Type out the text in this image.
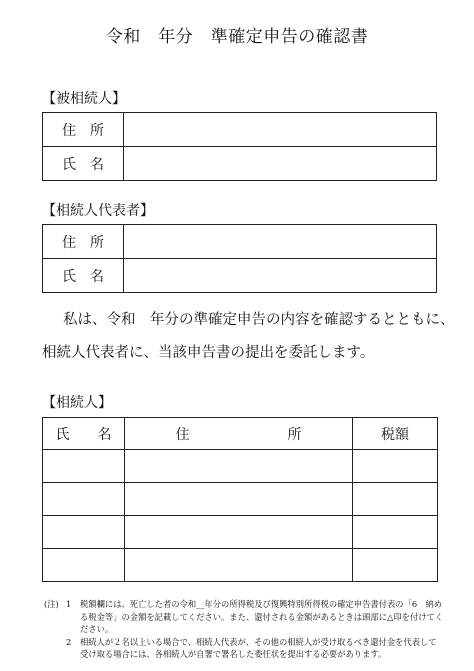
令和　年分　準確定申告の確認書
【被相続人】
住　所	
氏　名	
【相続人代表者】
住　所	
氏　名	
私は、令和　年分の準確定申告の内容を確認するとともに、
相続人代表者に、当該申告書の提出を委託します。
【相続人】
氏　　名	住　　　　　　　所	税額

(注) 1	税額欄には、死亡した者の令和__年分の所得税及び復興特別所得税の確定申告書付表の「6　納める税金等」の金額を記載してください。また、還付される金額があるときは頭部に△印を付けてください。
2	相続人が２名以上いる場合で、相続人代表が、その他の相続人が受け取るべき還付金を代表して受け取る場合には、各相続人が自署で署名した委任状を提出する必要があります。
